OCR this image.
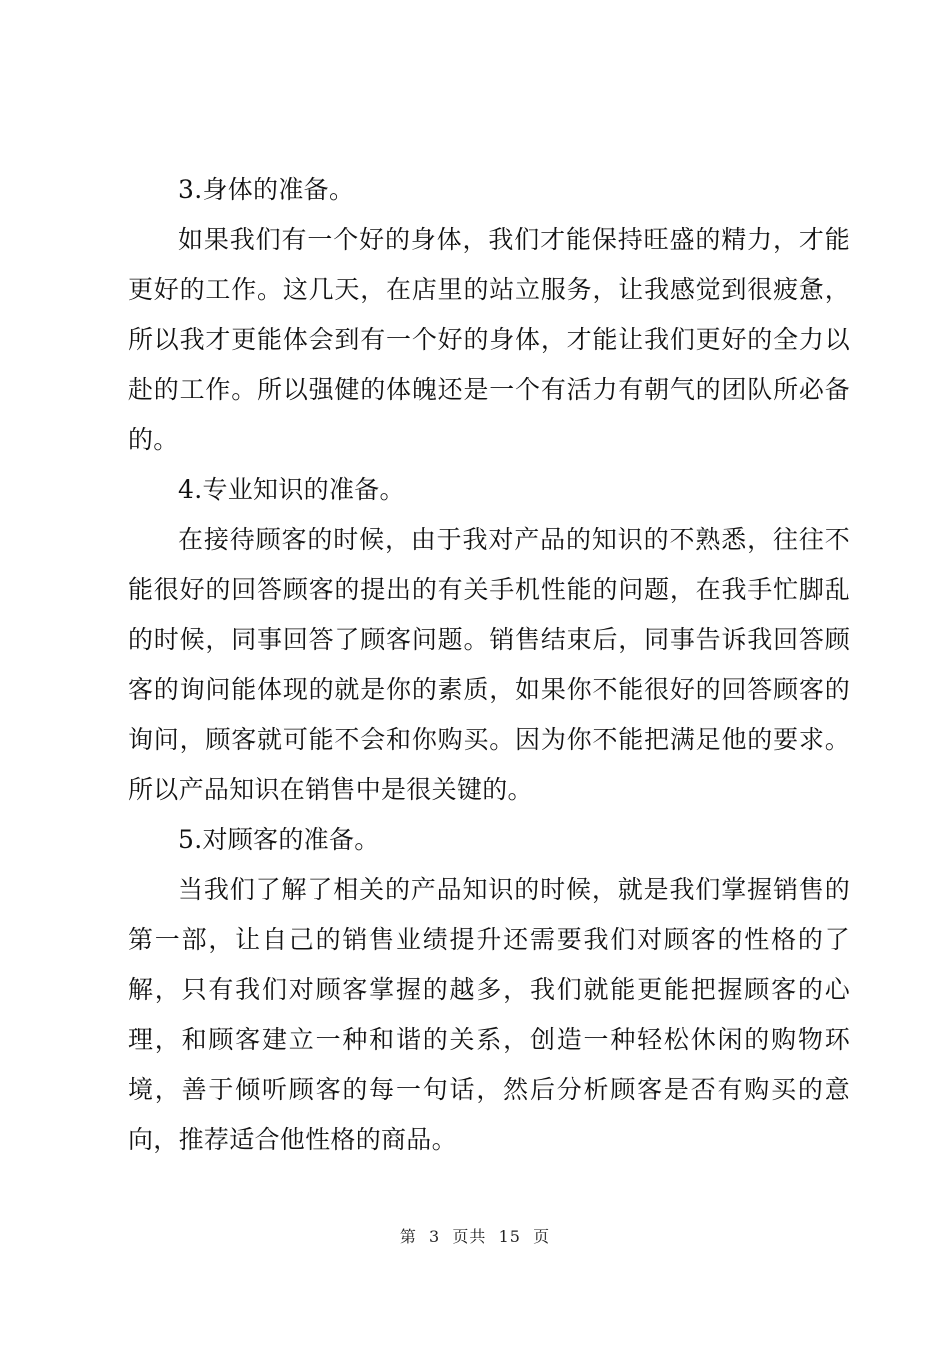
3.身体的准备。

如果我们有一个好的身体，我们才能保持旺盛的精力，才能更好的工作。这几天，在店里的站立服务，让我感觉到很疲惫，所以我才更能体会到有一个好的身体，才能让我们更好的全力以赴的工作。所以强健的体魄还是一个有活力有朝气的团队所必备的。

4.专业知识的准备。

在接待顾客的时候，由于我对产品的知识的不熟悉，往往不能很好的回答顾客的提出的有关手机性能的问题，在我手忙脚乱的时候，同事回答了顾客问题。销售结束后，同事告诉我回答顾客的询问能体现的就是你的素质，如果你不能很好的回答顾客的询问，顾客就可能不会和你购买。因为你不能把满足他的要求。所以产品知识在销售中是很关键的。

5.对顾客的准备。

当我们了解了相关的产品知识的时候，就是我们掌握销售的第一部，让自己的销售业绩提升还需要我们对顾客的性格的了解，只有我们对顾客掌握的越多，我们就能更能把握顾客的心理，和顾客建立一种和谐的关系，创造一种轻松休闲的购物环境，善于倾听顾客的每一句话，然后分析顾客是否有购买的意向，推荐适合他性格的商品。

第 3 页共 15 页
